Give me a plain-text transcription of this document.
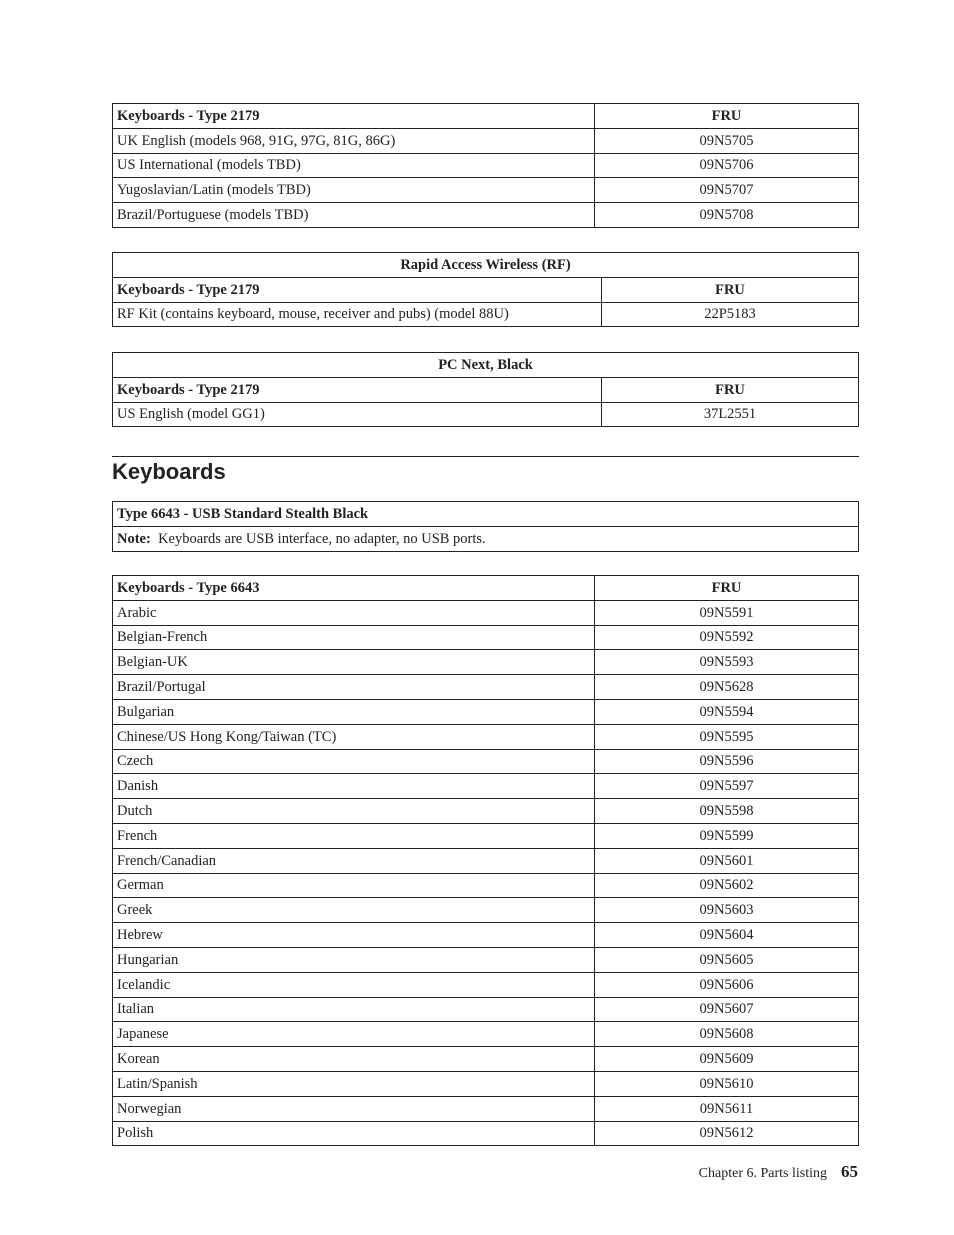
Keyboards - Type 2179	FRU
UK English (models 968, 91G, 97G, 81G, 86G)	09N5705
US International (models TBD)	09N5706
Yugoslavian/Latin (models TBD)	09N5707
Brazil/Portuguese (models TBD)	09N5708
Rapid Access Wireless (RF)	
Keyboards - Type 2179	FRU
RF Kit (contains keyboard, mouse, receiver and pubs) (model 88U)	22P5183
PC Next, Black	
Keyboards - Type 2179	FRU
US English (model GG1)	37L2551
Keyboards
Type 6643 - USB Standard Stealth Black
Note: Keyboards are USB interface, no adapter, no USB ports.
Keyboards - Type 6643	FRU
Arabic	09N5591
Belgian-French	09N5592
Belgian-UK	09N5593
Brazil/Portugal	09N5628
Bulgarian	09N5594
Chinese/US Hong Kong/Taiwan (TC)	09N5595
Czech	09N5596
Danish	09N5597
Dutch	09N5598
French	09N5599
French/Canadian	09N5601
German	09N5602
Greek	09N5603
Hebrew	09N5604
Hungarian	09N5605
Icelandic	09N5606
Italian	09N5607
Japanese	09N5608
Korean	09N5609
Latin/Spanish	09N5610
Norwegian	09N5611
Polish	09N5612
Chapter 6. Parts listing 65
